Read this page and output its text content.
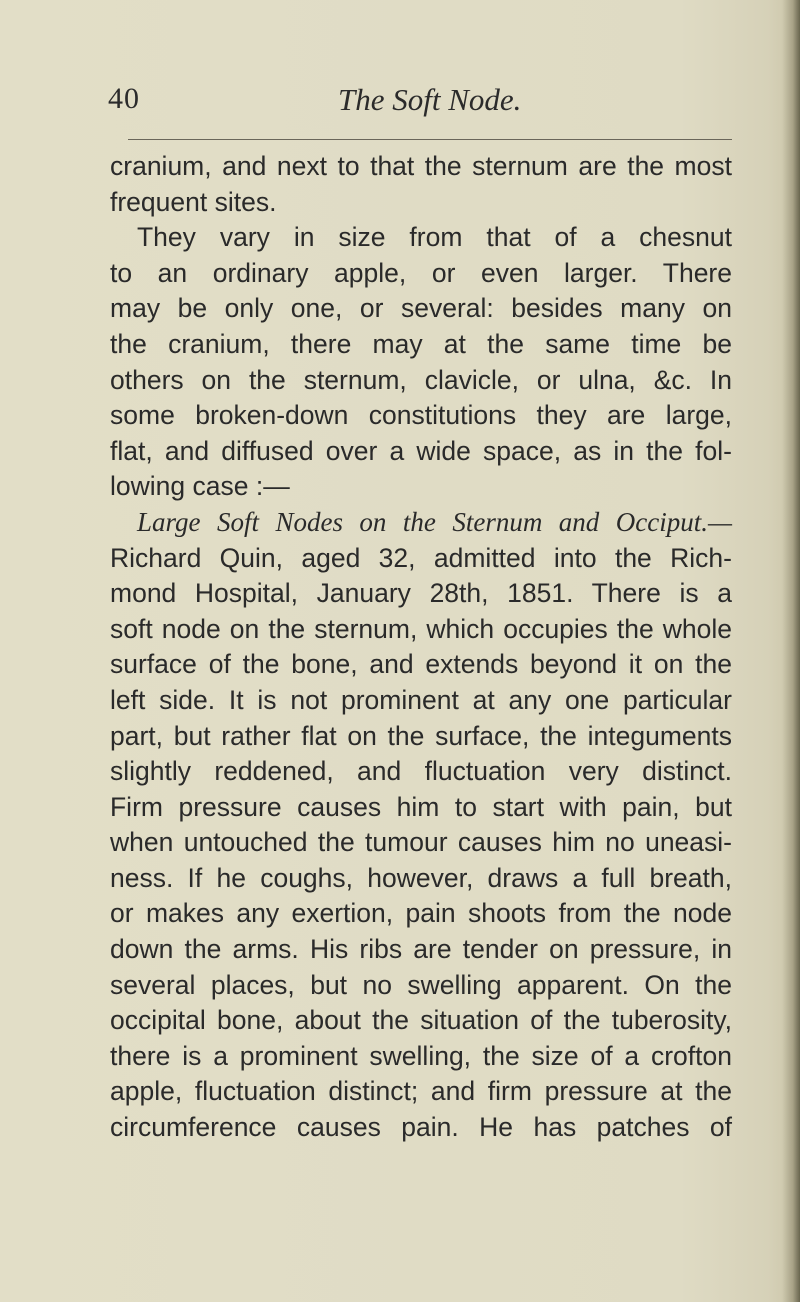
40	The Soft Node.
cranium, and next to that the sternum are the most
frequent sites.
They vary in size from that of a chesnut
to an ordinary apple, or even larger. There
may be only one, or several: besides many on
the cranium, there may at the same time be
others on the sternum, clavicle, or ulna, &c. In
some broken-down constitutions they are large,
flat, and diffused over a wide space, as in the fol-
lowing case :—
Large Soft Nodes on the Sternum and Occiput.—
Richard Quin, aged 32, admitted into the Rich-
mond Hospital, January 28th, 1851. There is a
soft node on the sternum, which occupies the whole
surface of the bone, and extends beyond it on the
left side. It is not prominent at any one particular
part, but rather flat on the surface, the integuments
slightly reddened, and fluctuation very distinct.
Firm pressure causes him to start with pain, but
when untouched the tumour causes him no uneasi-
ness. If he coughs, however, draws a full breath,
or makes any exertion, pain shoots from the node
down the arms. His ribs are tender on pressure, in
several places, but no swelling apparent. On the
occipital bone, about the situation of the tuberosity,
there is a prominent swelling, the size of a crofton
apple, fluctuation distinct; and firm pressure at the
circumference causes pain. He has patches of
